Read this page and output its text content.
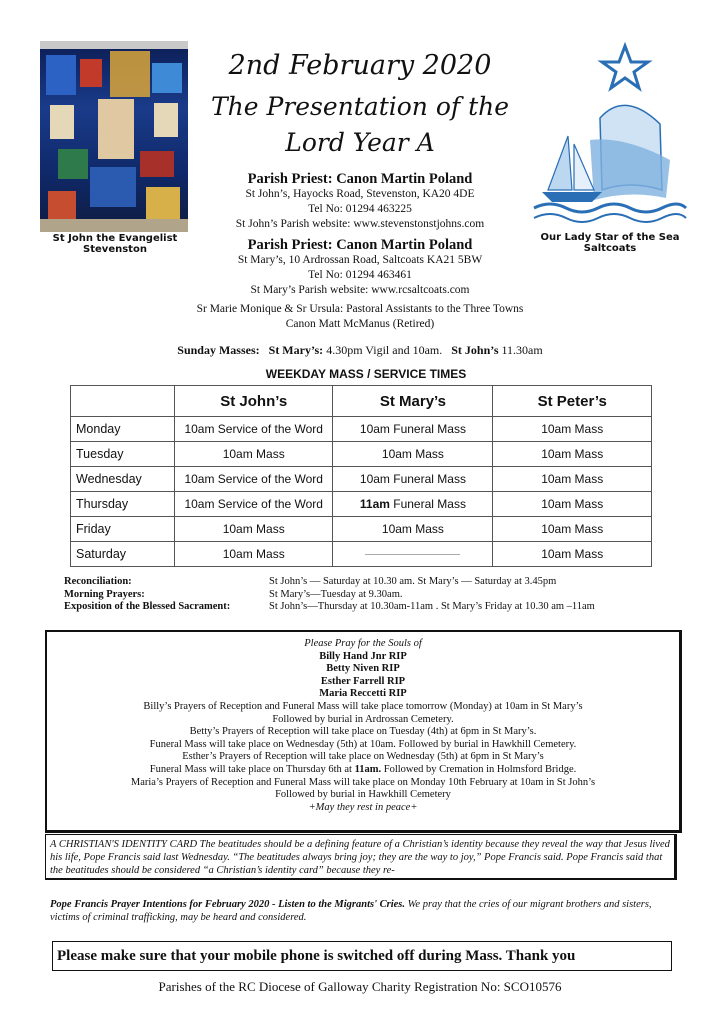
2nd February 2020
The Presentation of the
Lord Year A
St John the Evangelist
Stevenston
Our Lady Star of the Sea
Saltcoats
Parish Priest: Canon Martin Poland
St John’s, Hayocks Road, Stevenston, KA20 4DE
Tel No: 01294 463225
St John’s Parish website: www.stevenstonstjohns.com
Parish Priest: Canon Martin Poland
St Mary’s, 10 Ardrossan Road, Saltcoats KA21 5BW
Tel No: 01294 463461
St Mary’s Parish website: www.rcsaltcoats.com
Sr Marie Monique & Sr Ursula: Pastoral Assistants to the Three Towns
Canon Matt McManus (Retired)
Sunday Masses: St Mary’s: 4.30pm Vigil and 10am. St John’s 11.30am
WEEKDAY MASS / SERVICE TIMES
	St John’s	St Mary’s	St Peter’s
Monday	10am Service of the Word	10am Funeral Mass	10am Mass
Tuesday	10am Mass	10am Mass	10am Mass
Wednesday	10am Service of the Word	10am Funeral Mass	10am Mass
Thursday	10am Service of the Word	11am Funeral Mass	10am Mass
Friday	10am Mass	10am Mass	10am Mass
Saturday	10am Mass		10am Mass
Reconciliation:	St John’s — Saturday at 10.30 am. St Mary’s — Saturday at 3.45pm
Morning Prayers:	St Mary’s—Tuesday at 9.30am.
Exposition of the Blessed Sacrament:	St John’s—Thursday at 10.30am-11am . St Mary’s Friday at 10.30 am –11am
Please Pray for the Souls of
Billy Hand Jnr RIP
Betty Niven RIP
Esther Farrell RIP
Maria Reccetti RIP
Billy’s Prayers of Reception and Funeral Mass will take place tomorrow (Monday) at 10am in St Mary’s
Followed by burial in Ardrossan Cemetery.
Betty’s Prayers of Reception will take place on Tuesday (4th) at 6pm in St Mary’s.
Funeral Mass will take place on Wednesday (5th) at 10am. Followed by burial in Hawkhill Cemetery.
Esther’s Prayers of Reception will take place on Wednesday (5th) at 6pm in St Mary’s
Funeral Mass will take place on Thursday 6th at 11am. Followed by Cremation in Holmsford Bridge.
Maria’s Prayers of Reception and Funeral Mass will take place on Monday 10th February at 10am in St John’s
Followed by burial in Hawkhill Cemetery
+May they rest in peace+
A CHRISTIAN'S IDENTITY CARD The beatitudes should be a defining feature of a Christian’s identity because they reveal the way that Jesus lived his life, Pope Francis said last Wednesday. “The beatitudes always bring joy; they are the way to joy,” Pope Francis said. Pope Francis said that the beatitudes should be considered “a Christian’s identity card” because they re-
Pope Francis Prayer Intentions for February 2020 - Listen to the Migrants' Cries. We pray that the cries of our migrant brothers and sisters, victims of criminal trafficking, may be heard and considered.
Please make sure that your mobile phone is switched off during Mass. Thank you
Parishes of the RC Diocese of Galloway Charity Registration No: SCO10576
